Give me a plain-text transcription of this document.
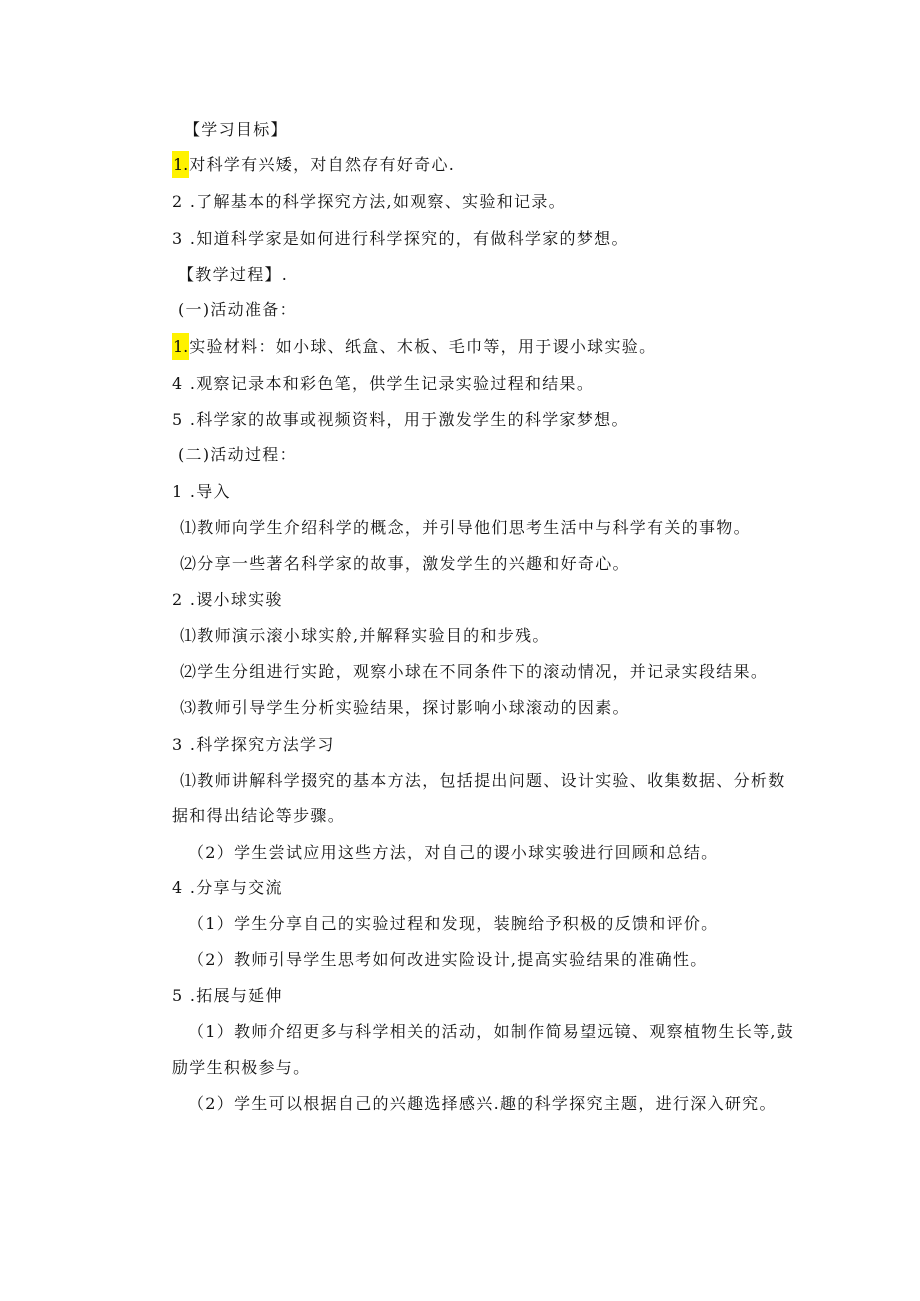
【学习目标】
1.对科学有兴矮，对自然存有好奇心.
2 .了解基本的科学探究方法,如观察、实验和记录。
3 .知道科学家是如何进行科学探究的，有做科学家的梦想。
【教学过程】.
(一)活动准备：
1.实验材料：如小球、纸盒、木板、毛巾等，用于谡小球实验。
4 .观察记录本和彩色笔，供学生记录实验过程和结果。
5 .科学家的故事或视频资料，用于激发学生的科学家梦想。
(二)活动过程：
1 .导入
⑴教师向学生介绍科学的概念，并引导他们思考生活中与科学有关的事物。
⑵分享一些著名科学家的故事，激发学生的兴趣和好奇心。
2 .谡小球实骏
⑴教师演示滚小球实舲,并解释实验目的和步残。
⑵学生分组进行实跄，观察小球在不同条件下的滚动情况，并记录实段结果。
⑶教师引导学生分析实验结果，探讨影响小球滚动的因素。
3 .科学探究方法学习
⑴教师讲解科学掇究的基本方法，包括提出问题、设计实验、收集数据、分析数
据和得出结论等步骤。
（2）学生尝试应用这些方法，对自己的谡小球实骏进行回顾和总结。
4 .分享与交流
（1）学生分享自己的实验过程和发现，装腕给予积极的反馈和评价。
（2）教师引导学生思考如何改进实险设计,提高实验结果的准确性。
5 .拓展与延伸
（1）教师介绍更多与科学相关的活动，如制作简易望远镜、观察植物生长等,鼓
励学生积极参与。
（2）学生可以根据自己的兴趣选择感兴.趣的科学探究主题，进行深入研究。
